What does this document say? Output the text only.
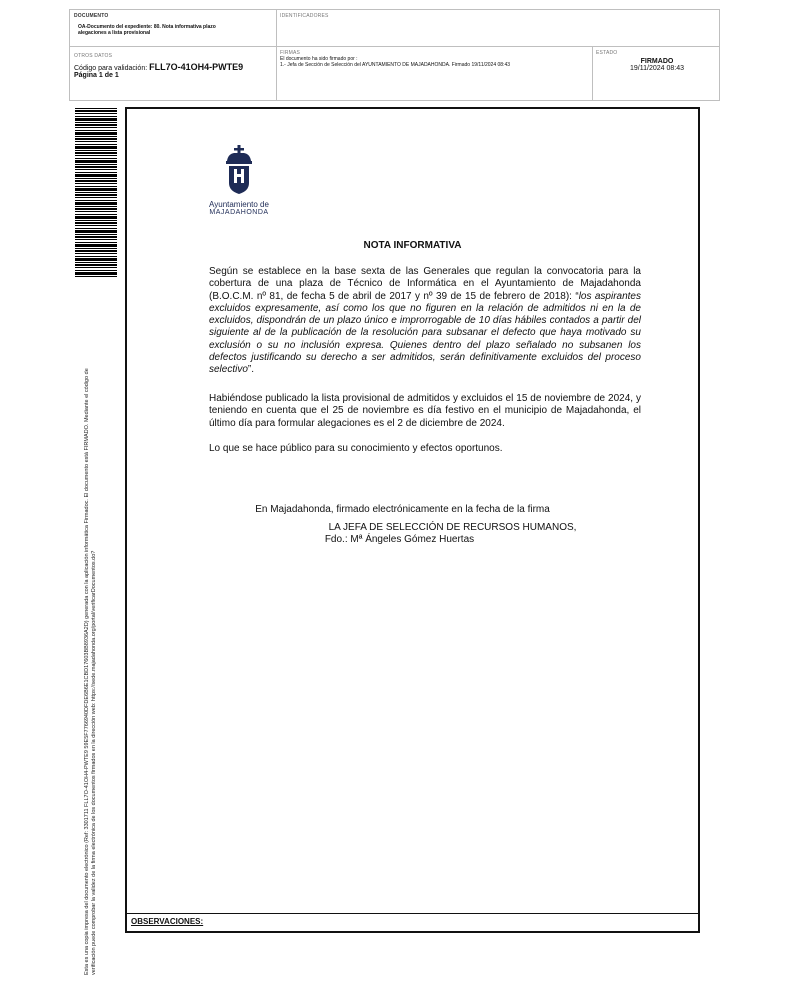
DOCUMENTO
OA-Documento del expediente: 80. Nota informativa plazo alegaciones a lista provisional
IDENTIFICADORES
OTROS DATOS
Código para validación: FLL7O-41OH4-PWTE9
Página 1 de 1
FIRMAS
El documento ha sido firmado por :
1.- Jefa de Sección de Selección del AYUNTAMIENTO DE MAJADAHONDA. Firmado 19/11/2024 08:43
ESTADO
FIRMADO
19/11/2024 08:43
Esta es una copia impresa del documento electrónico (Ref: 3301711 FLL7O-41OH4-PWTE9 59E5F7766940DFDE6B6E1CBD17603BB8936A2D) generada con la aplicación informática Firmadoc. El documento está FIRMADO. Mediante el código de verificación puede comprobar la validez de la firma electrónica de los documentos firmados en la dirección web: https://sede.majadahonda.org/portal/verificarDocumentos.do?
Ayuntamiento de
MAJADAHONDA
NOTA INFORMATIVA
Según se establece en la base sexta de las Generales que regulan la convocatoria para la cobertura de una plaza de Técnico de Informática en el Ayuntamiento de Majadahonda (B.O.C.M. nº 81, de fecha 5 de abril de 2017 y nº 39 de 15 de febrero de 2018): “los aspirantes excluidos expresamente, así como los que no figuren en la relación de admitidos ni en la de excluidos, dispondrán de un plazo único e improrrogable de 10 días hábiles contados a partir del siguiente al de la publicación de la resolución para subsanar el defecto que haya motivado su exclusión o su no inclusión expresa. Quienes dentro del plazo señalado no subsanen los defectos justificando su derecho a ser admitidos, serán definitivamente excluidos del proceso selectivo”.
Habiéndose publicado la lista provisional de admitidos y excluidos el 15 de noviembre de 2024, y teniendo en cuenta que el 25 de noviembre es día festivo en el municipio de Majadahonda, el último día para formular alegaciones es el 2 de diciembre de 2024.
Lo que se hace público para su conocimiento y efectos oportunos.
En Majadahonda, firmado electrónicamente en la fecha de la firma
LA JEFA DE SELECCIÓN DE RECURSOS HUMANOS,
Fdo.: Mª Ángeles Gómez Huertas
OBSERVACIONES:
